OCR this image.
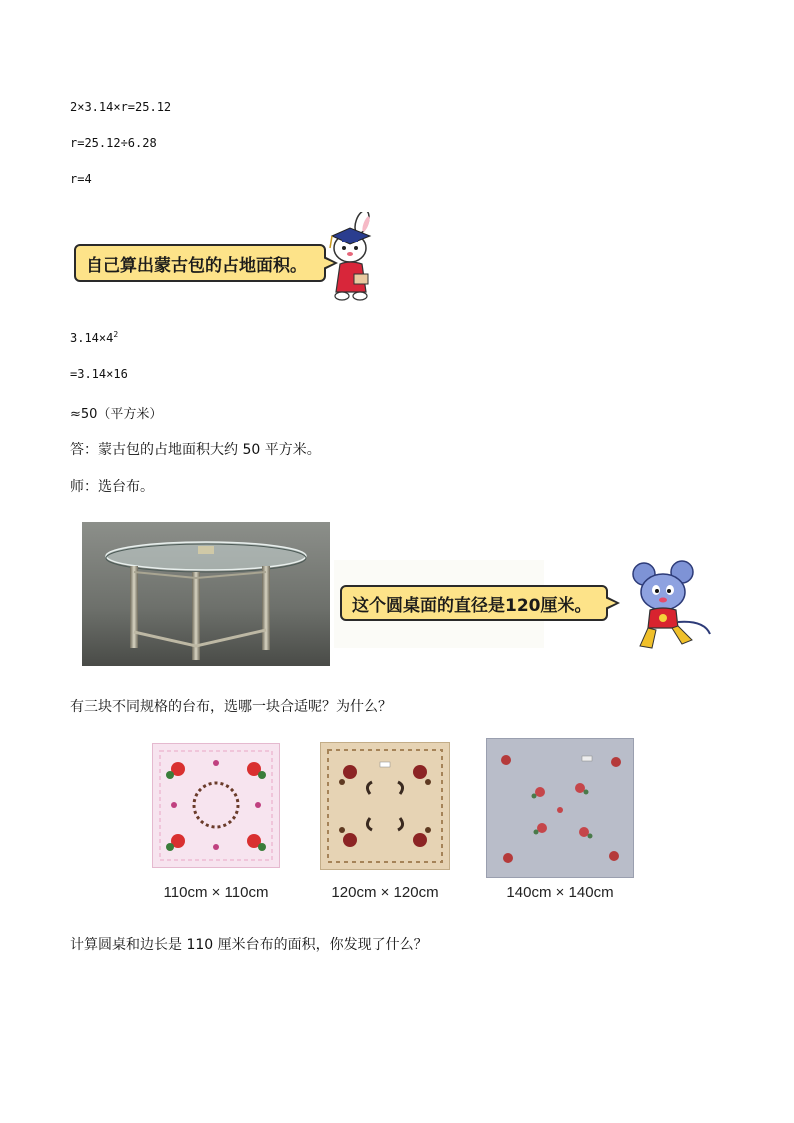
2×3.14×r=25.12
r=25.12÷6.28
r=4
自己算出蒙古包的占地面积。
$3.14\times 4^2$
=3.14×16
≈50（平方米）
答：蒙古包的占地面积大约 50 平方米。
师：选台布。
这个圆桌面的直径是120厘米。
有三块不同规格的台布，选哪一块合适呢？为什么？
110cm × 110cm	120cm × 120cm	140cm × 140cm
计算圆桌和边长是 110 厘米台布的面积，你发现了什么？
